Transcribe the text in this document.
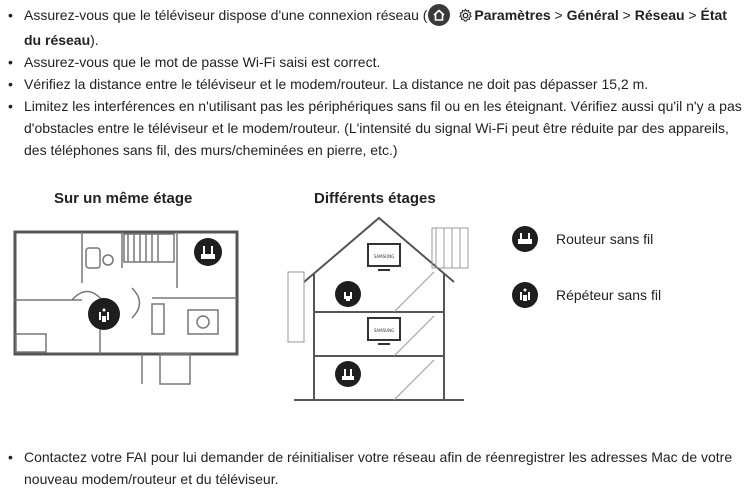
• Assurez-vous que le téléviseur dispose d'une connexion réseau (	Paramètres > Général > Réseau > État du réseau).
• Assurez-vous que le mot de passe Wi-Fi saisi est correct.
• Vérifiez la distance entre le téléviseur et le modem/routeur. La distance ne doit pas dépasser 15,2 m.
• Limitez les interférences en n'utilisant pas les périphériques sans fil ou en les éteignant. Vérifiez aussi qu'il n'y a pas d'obstacles entre le téléviseur et le modem/routeur. (L'intensité du signal Wi-Fi peut être réduite par des appareils, des téléphones sans fil, des murs/cheminées en pierre, etc.)
Sur un même étage	Différents étages
SAMSUNG
SAMSUNG
Routeur sans fil
Répéteur sans fil
• Contactez votre FAI pour lui demander de réinitialiser votre réseau afin de réenregistrer les adresses Mac de votre nouveau modem/routeur et du téléviseur.
